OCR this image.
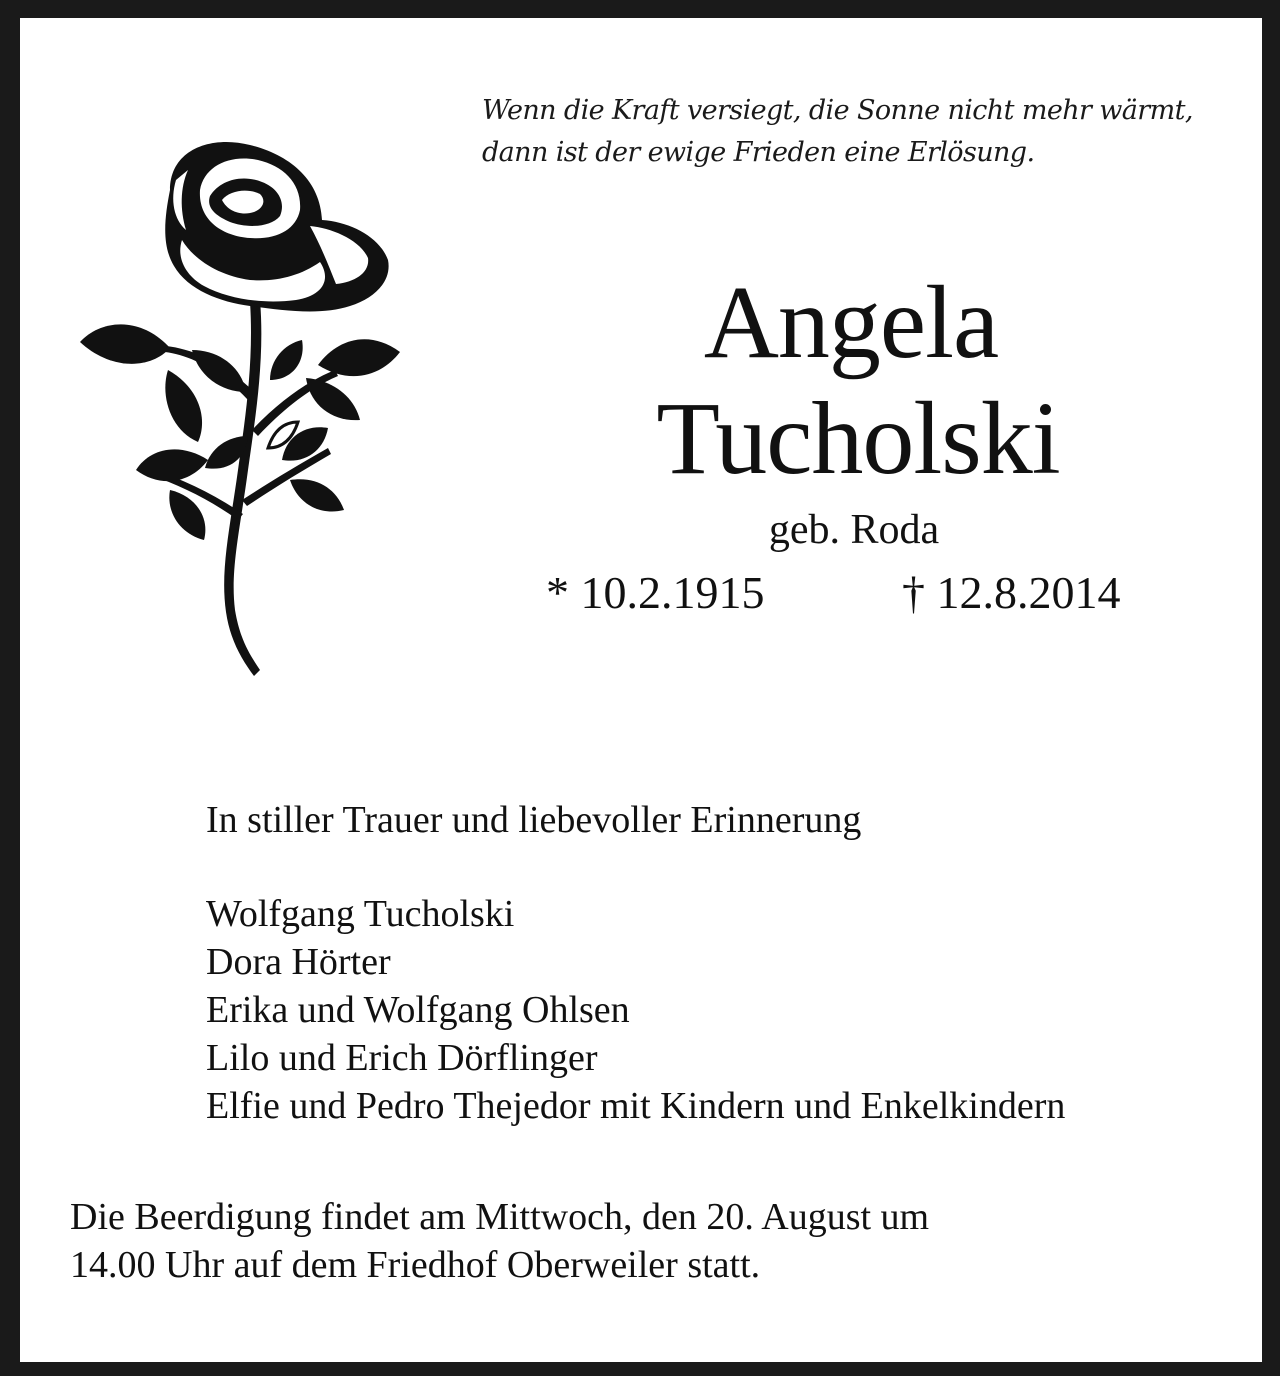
Wenn die Kraft versiegt, die Sonne nicht mehr wärmt,
dann ist der ewige Frieden eine Erlösung.
Angela
Tucholski
geb. Roda
* 10.2.1915	† 12.8.2014
In stiller Trauer und liebevoller Erinnerung
Wolfgang Tucholski
Dora Hörter
Erika und Wolfgang Ohlsen
Lilo und Erich Dörflinger
Elfie und Pedro Thejedor mit Kindern und Enkelkindern
Die Beerdigung findet am Mittwoch, den 20. August um
14.00 Uhr auf dem Friedhof Oberweiler statt.
